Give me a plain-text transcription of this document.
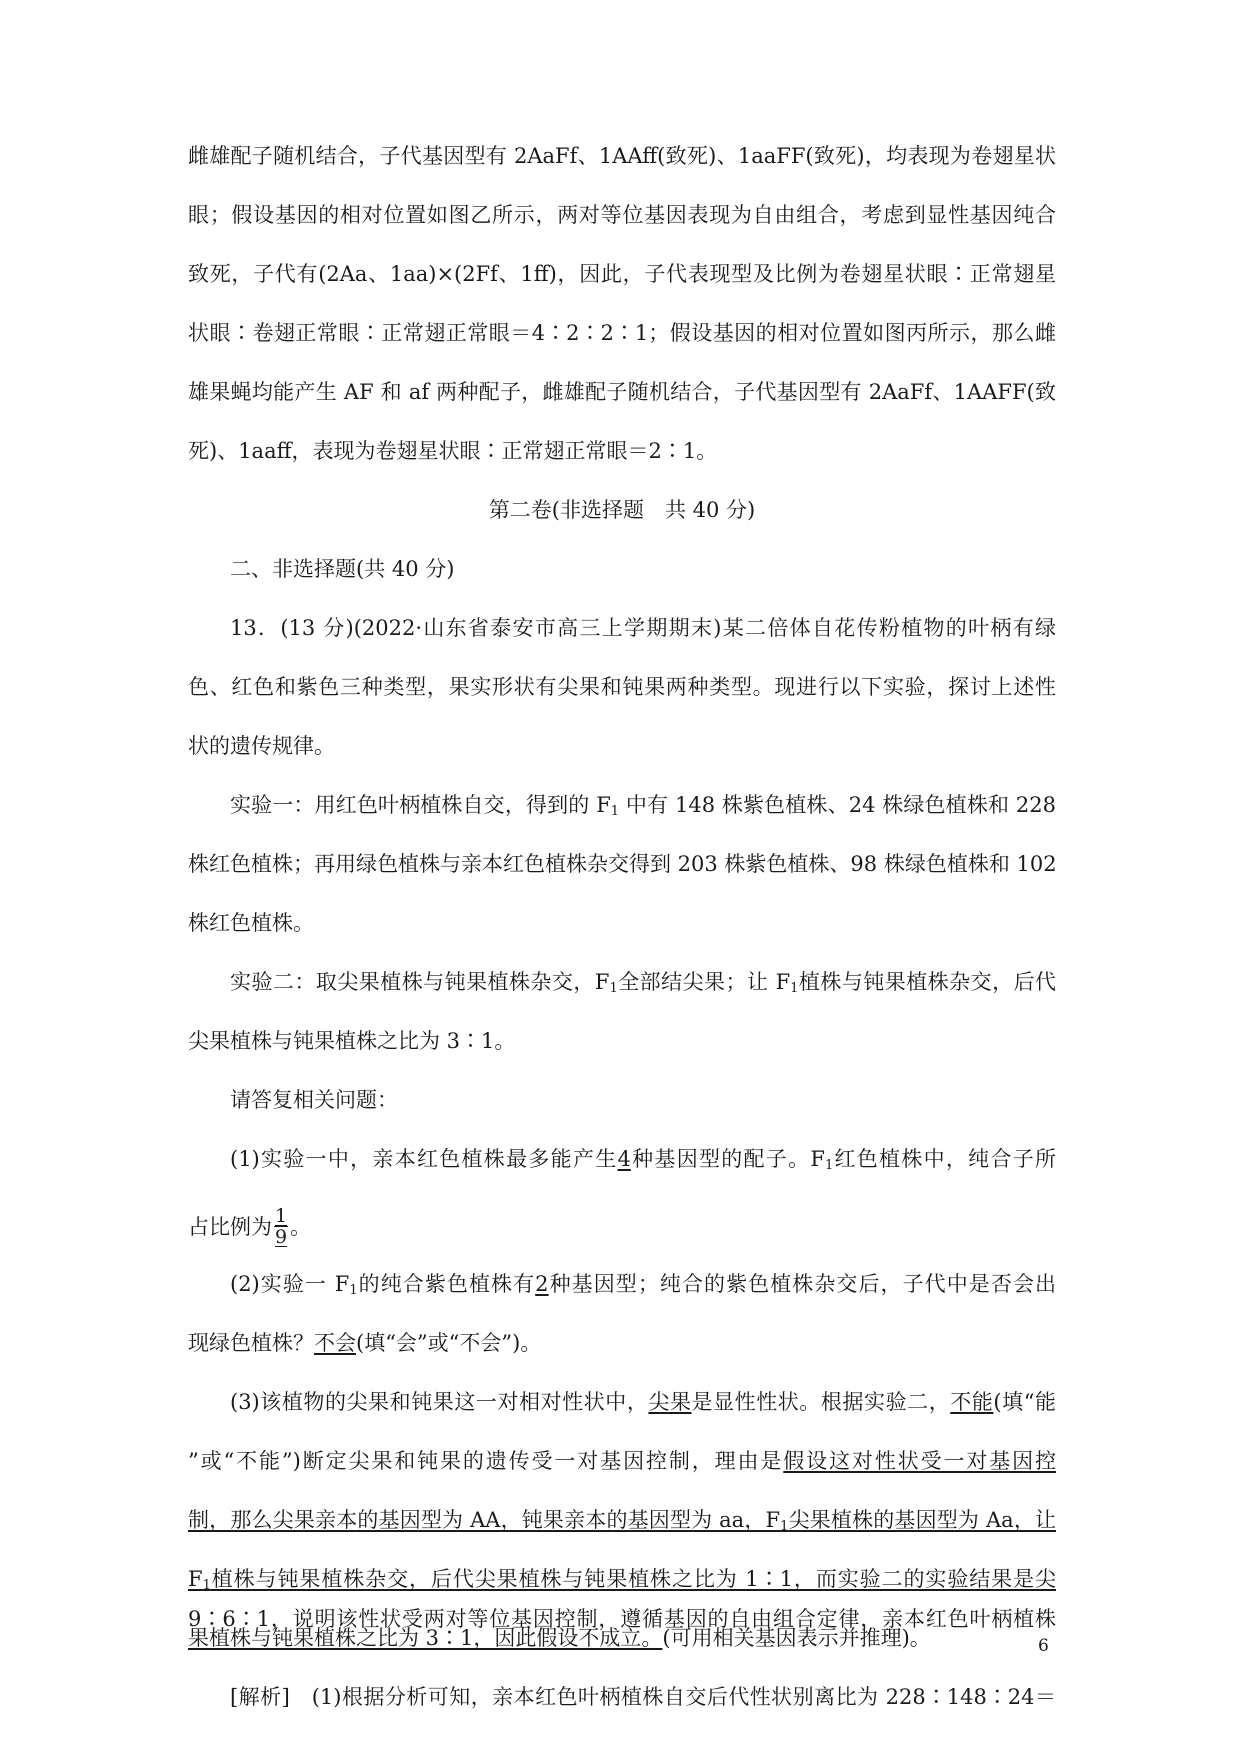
雌雄配子随机结合，子代基因型有 2AaFf、1AAff(致死)、1aaFF(致死)，均表现为卷翅星状
眼；假设基因的相对位置如图乙所示，两对等位基因表现为自由组合，考虑到显性基因纯合
致死，子代有(2Aa、1aa)×(2Ff、1ff)，因此，子代表现型及比例为卷翅星状眼∶正常翅星
状眼∶卷翅正常眼∶正常翅正常眼＝4∶2∶2∶1；假设基因的相对位置如图丙所示，那么雌
雄果蝇均能产生 AF 和 af 两种配子，雌雄配子随机结合，子代基因型有 2AaFf、1AAFF(致
死)、1aaff，表现为卷翅星状眼∶正常翅正常眼＝2∶1。
第二卷(非选择题　共 40 分)
二、非选择题(共 40 分)
13．(13 分)(2022·山东省泰安市高三上学期期末)某二倍体自花传粉植物的叶柄有绿
色、红色和紫色三种类型，果实形状有尖果和钝果两种类型。现进行以下实验，探讨上述性
状的遗传规律。
实验一：用红色叶柄植株自交，得到的 $F_1$ 中有 148 株紫色植株、24 株绿色植株和 228
株红色植株；再用绿色植株与亲本红色植株杂交得到 203 株紫色植株、98 株绿色植株和 102
株红色植株。
实验二：取尖果植株与钝果植株杂交，$F_1$全部结尖果；让 $F_1$植株与钝果植株杂交，后代
尖果植株与钝果植株之比为 3∶1。
请答复相关问题：
(1)实验一中，亲本红色植株最多能产生4种基因型的配子。$F_1$红色植株中，纯合子所
占比例为 $\frac{1}{9}$ 。
(2)实验一 $F_1$的纯合紫色植株有2种基因型；纯合的紫色植株杂交后，子代中是否会出
现绿色植株？不会(填“会”或“不会”)。
(3)该植物的尖果和钝果这一对相对性状中，尖果是显性性状。根据实验二，不能(填“能
”或“不能”)断定尖果和钝果的遗传受一对基因控制，理由是假设这对性状受一对基因控
制，那么尖果亲本的基因型为 AA，钝果亲本的基因型为 aa，$F_1$尖果植株的基因型为 Aa，让
$F_1$植株与钝果植株杂交，后代尖果植株与钝果植株之比为 1∶1，而实验二的实验结果是尖
果植株与钝果植株之比为 3∶1，因此假设不成立。(可用相关基因表示并推理)。
[解析]　(1)根据分析可知，亲本红色叶柄植株自交后代性状别离比为 228∶148∶24＝
9∶6∶1，说明该性状受两对等位基因控制，遵循基因的自由组合定律，亲本红色叶柄植株
6
